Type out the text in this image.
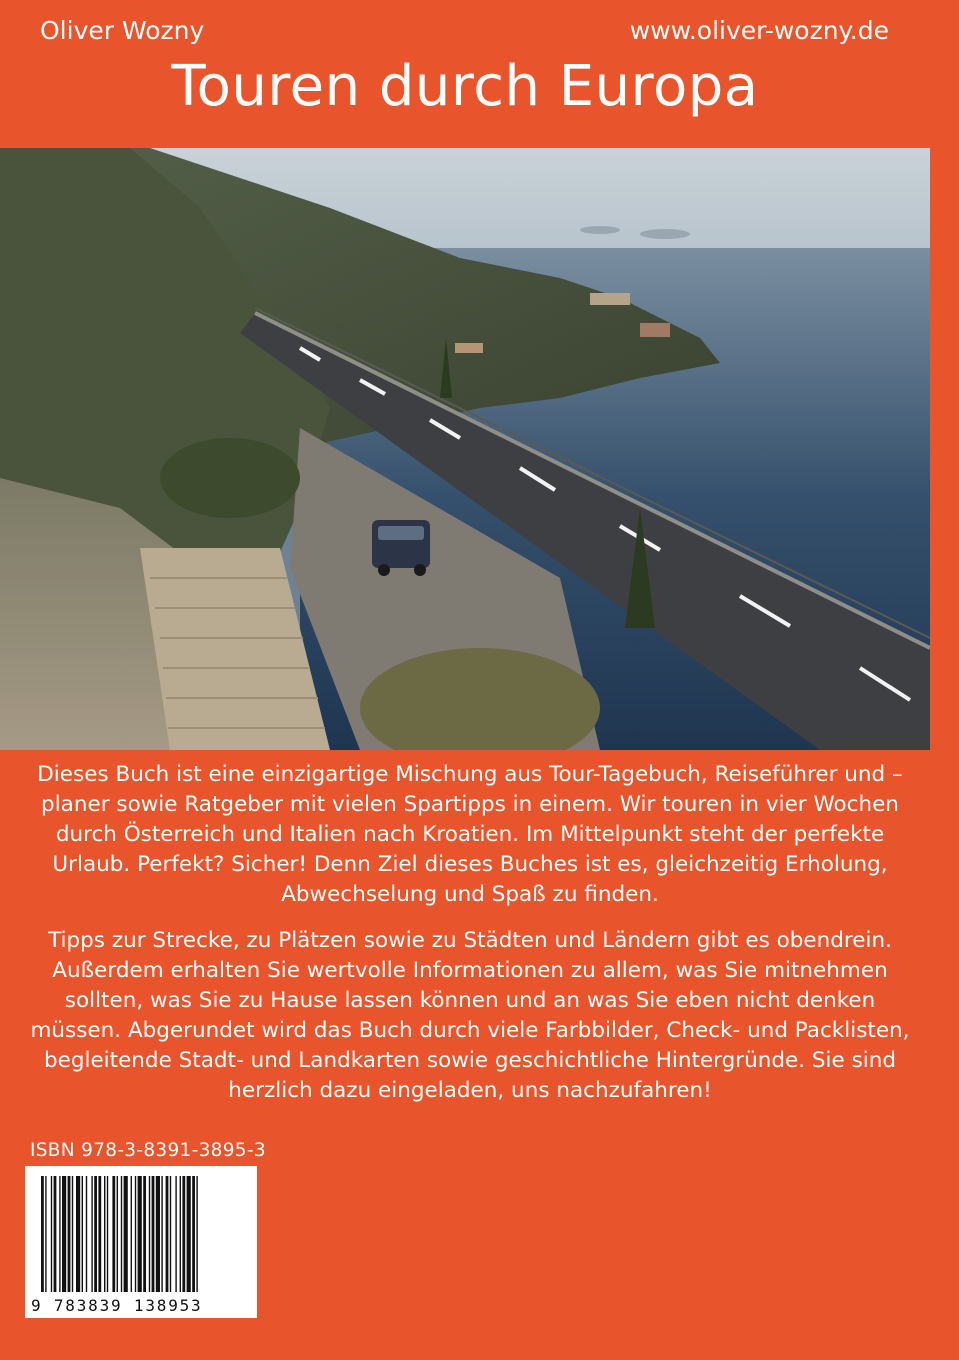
Oliver Wozny	www.oliver-wozny.de
Touren durch Europa
Dieses Buch ist eine einzigartige Mischung aus Tour-Tagebuch, Reiseführer und –planer sowie Ratgeber mit vielen Spartipps in einem. Wir touren in vier Wochen durch Österreich und Italien nach Kroatien. Im Mittelpunkt steht der perfekte Urlaub. Perfekt? Sicher! Denn Ziel dieses Buches ist es, gleichzeitig Erholung, Abwechselung und Spaß zu finden.
Tipps zur Strecke, zu Plätzen sowie zu Städten und Ländern gibt es obendrein. Außerdem erhalten Sie wertvolle Informationen zu allem, was Sie mitnehmen sollten, was Sie zu Hause lassen können und an was Sie eben nicht denken müssen. Abgerundet wird das Buch durch viele Farbbilder, Check- und Packlisten, begleitende Stadt- und Landkarten sowie geschichtliche Hintergründe. Sie sind herzlich dazu eingeladen, uns nachzufahren!
ISBN 978-3-8391-3895-3
9 783839 138953
